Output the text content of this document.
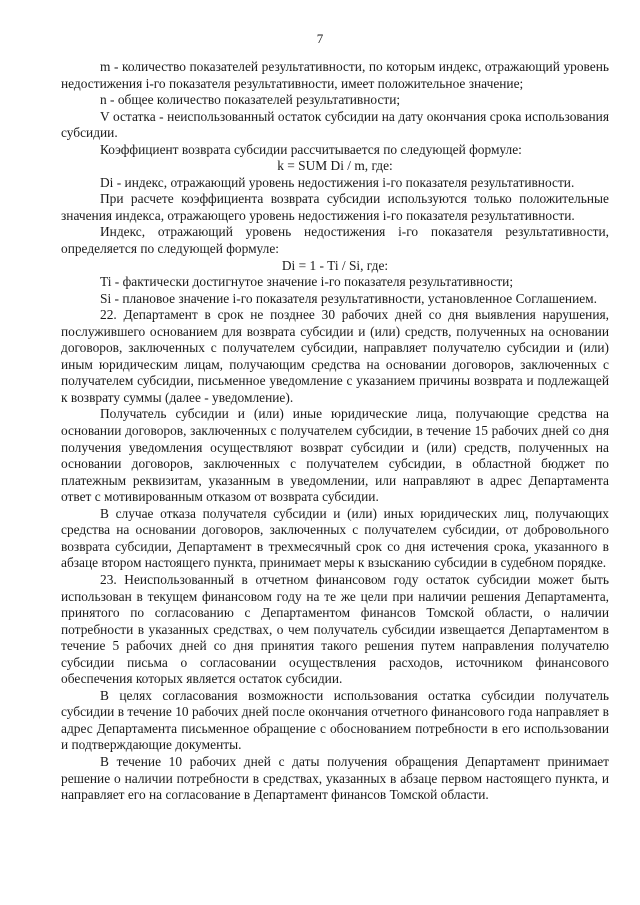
7

m - количество показателей результативности, по которым индекс, отражающий уровень недостижения i-го показателя результативности, имеет положительное значение;

n - общее количество показателей результативности;

V остатка - неиспользованный остаток субсидии на дату окончания срока использования субсидии.

Коэффициент возврата субсидии рассчитывается по следующей формуле:

k = SUM Di / m, где:

Di - индекс, отражающий уровень недостижения i-го показателя результативности.

При расчете коэффициента возврата субсидии используются только положительные значения индекса, отражающего уровень недостижения i-го показателя результативности.

Индекс, отражающий уровень недостижения i-го показателя результативности, определяется по следующей формуле:

Di = 1 - Ti / Si, где:

Ti - фактически достигнутое значение i-го показателя результативности;

Si - плановое значение i-го показателя результативности, установленное Соглашением.

22. Департамент в срок не позднее 30 рабочих дней со дня выявления нарушения, послужившего основанием для возврата субсидии и (или) средств, полученных на основании договоров, заключенных с получателем субсидии, направляет получателю субсидии и (или) иным юридическим лицам, получающим средства на основании договоров, заключенных с получателем субсидии, письменное уведомление с указанием причины возврата и подлежащей к возврату суммы (далее - уведомление).

Получатель субсидии и (или) иные юридические лица, получающие средства на основании договоров, заключенных с получателем субсидии, в течение 15 рабочих дней со дня получения уведомления осуществляют возврат субсидии и (или) средств, полученных на основании договоров, заключенных с получателем субсидии, в областной бюджет по платежным реквизитам, указанным в уведомлении, или направляют в адрес Департамента ответ с мотивированным отказом от возврата субсидии.

В случае отказа получателя субсидии и (или) иных юридических лиц, получающих средства на основании договоров, заключенных с получателем субсидии, от добровольного возврата субсидии, Департамент в трехмесячный срок со дня истечения срока, указанного в абзаце втором настоящего пункта, принимает меры к взысканию субсидии в судебном порядке.

23. Неиспользованный в отчетном финансовом году остаток субсидии может быть использован в текущем финансовом году на те же цели при наличии решения Департамента, принятого по согласованию с Департаментом финансов Томской области, о наличии потребности в указанных средствах, о чем получатель субсидии извещается Департаментом в течение 5 рабочих дней со дня принятия такого решения путем направления получателю субсидии письма о согласовании осуществления расходов, источником финансового обеспечения которых является остаток субсидии.

В целях согласования возможности использования остатка субсидии получатель субсидии в течение 10 рабочих дней после окончания отчетного финансового года направляет в адрес Департамента письменное обращение с обоснованием потребности в его использовании и подтверждающие документы.

В течение 10 рабочих дней с даты получения обращения Департамент принимает решение о наличии потребности в средствах, указанных в абзаце первом настоящего пункта, и направляет его на согласование в Департамент финансов Томской области.
